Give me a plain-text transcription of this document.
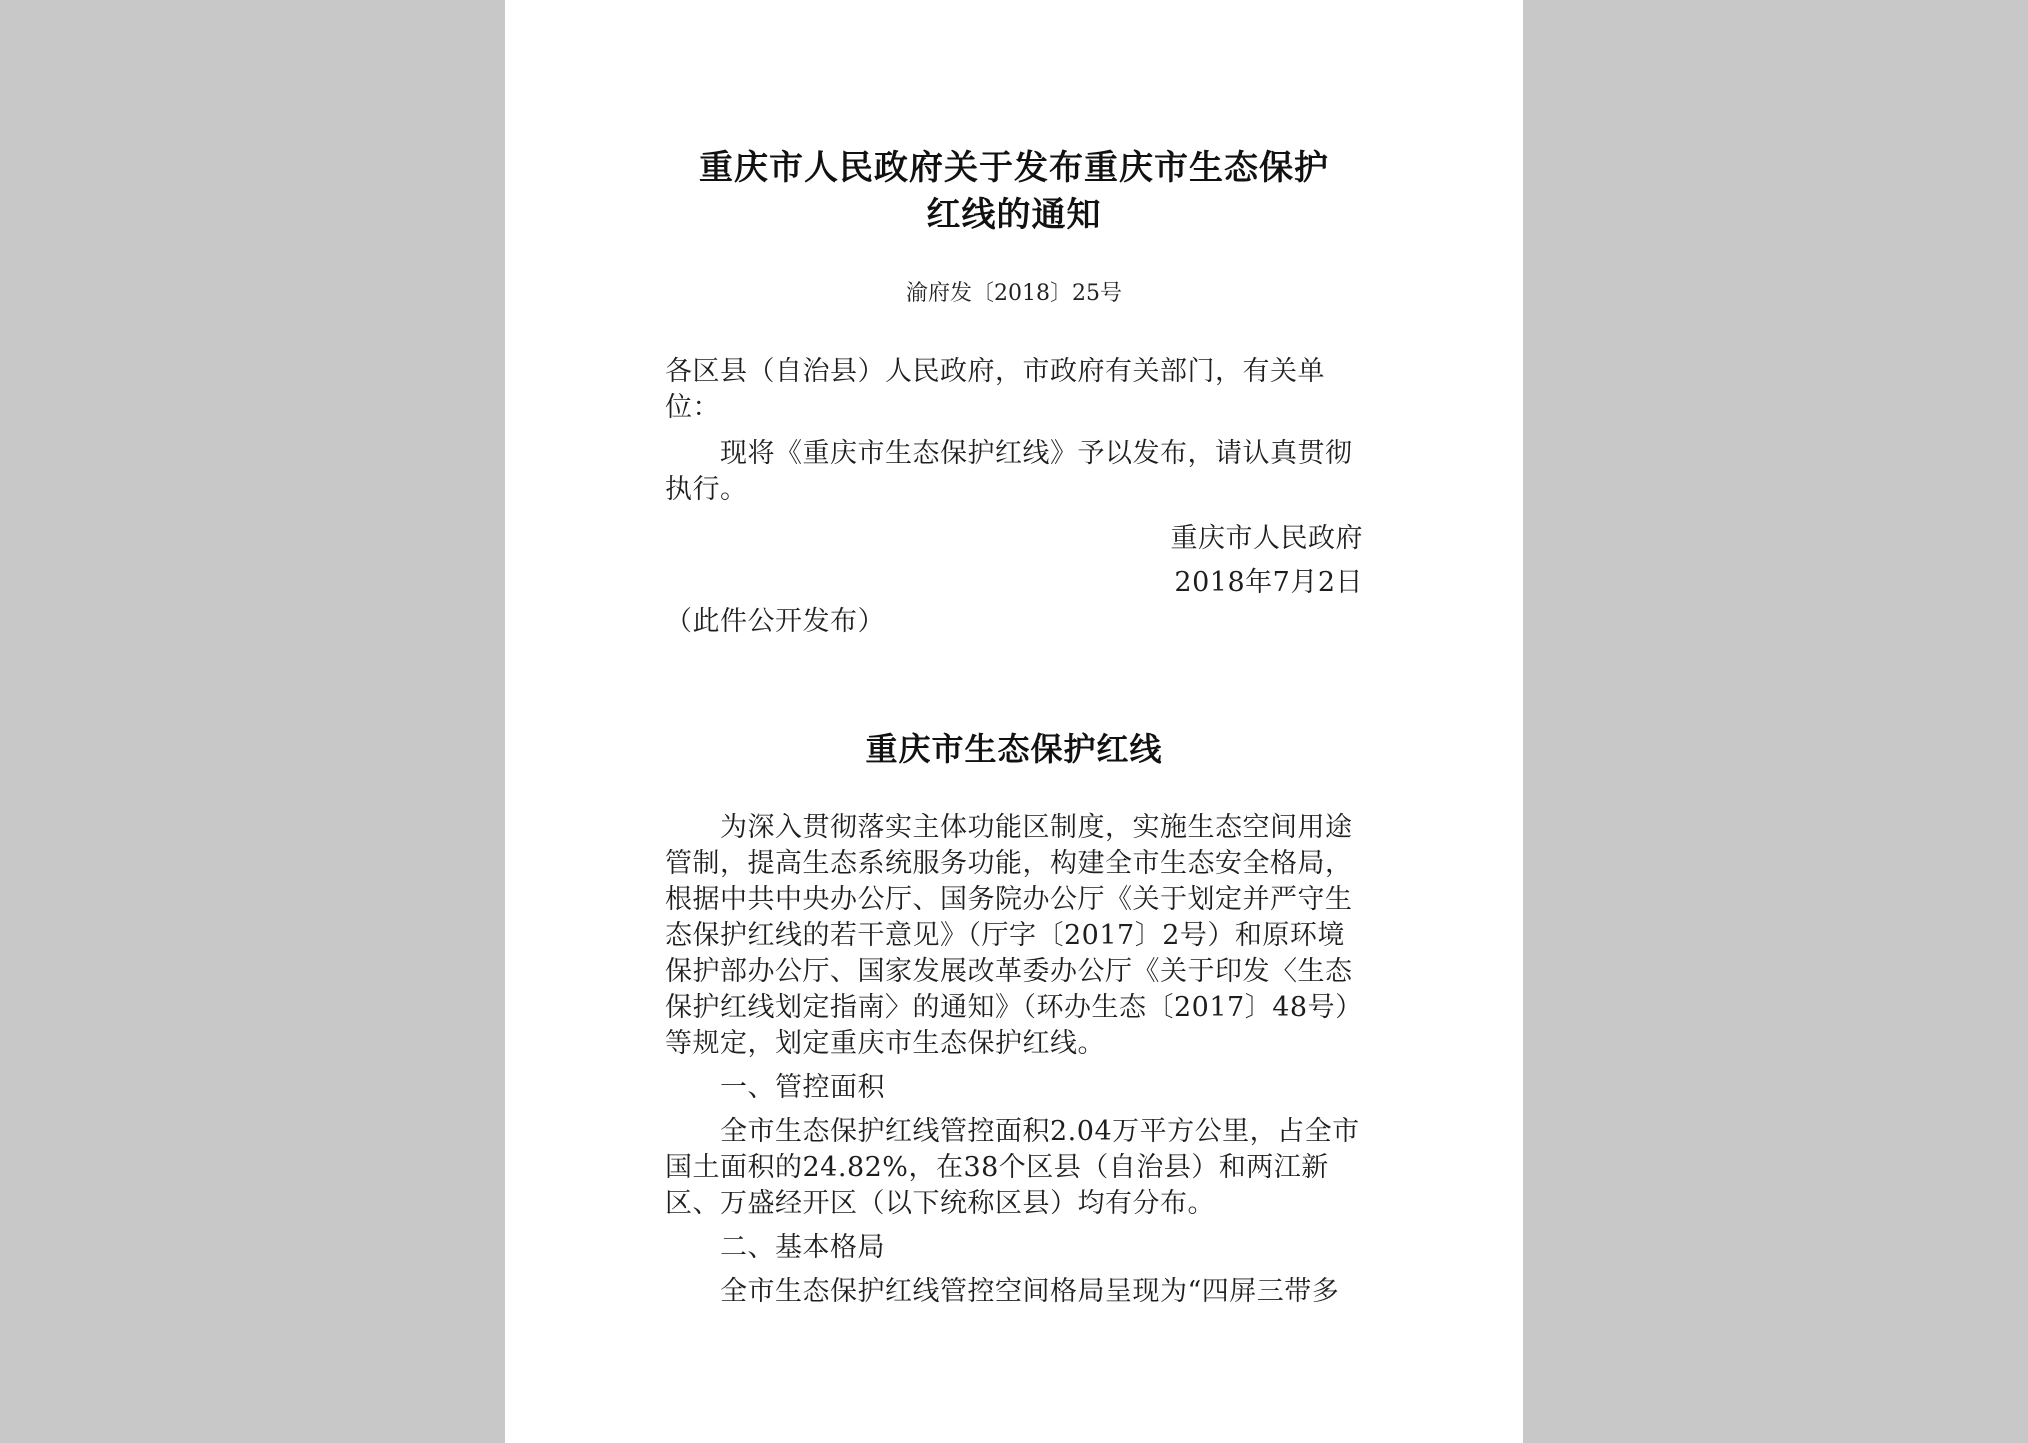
重庆市人民政府关于发布重庆市生态保护
红线的通知
渝府发〔2018〕25号
各区县（自治县）人民政府，市政府有关部门，有关单
位：
现将《重庆市生态保护红线》予以发布，请认真贯彻
执行。
重庆市人民政府
2018年7月2日
（此件公开发布）
重庆市生态保护红线
为深入贯彻落实主体功能区制度，实施生态空间用途
管制，提高生态系统服务功能，构建全市生态安全格局，
根据中共中央办公厅、国务院办公厅《关于划定并严守生
态保护红线的若干意见》（厅字〔2017〕2号）和原环境
保护部办公厅、国家发展改革委办公厅《关于印发〈生态
保护红线划定指南〉的通知》（环办生态〔2017〕48号）
等规定，划定重庆市生态保护红线。
一、管控面积
全市生态保护红线管控面积2.04万平方公里，占全市
国土面积的24.82%，在38个区县（自治县）和两江新
区、万盛经开区（以下统称区县）均有分布。
二、基本格局
全市生态保护红线管控空间格局呈现为“四屏三带多
